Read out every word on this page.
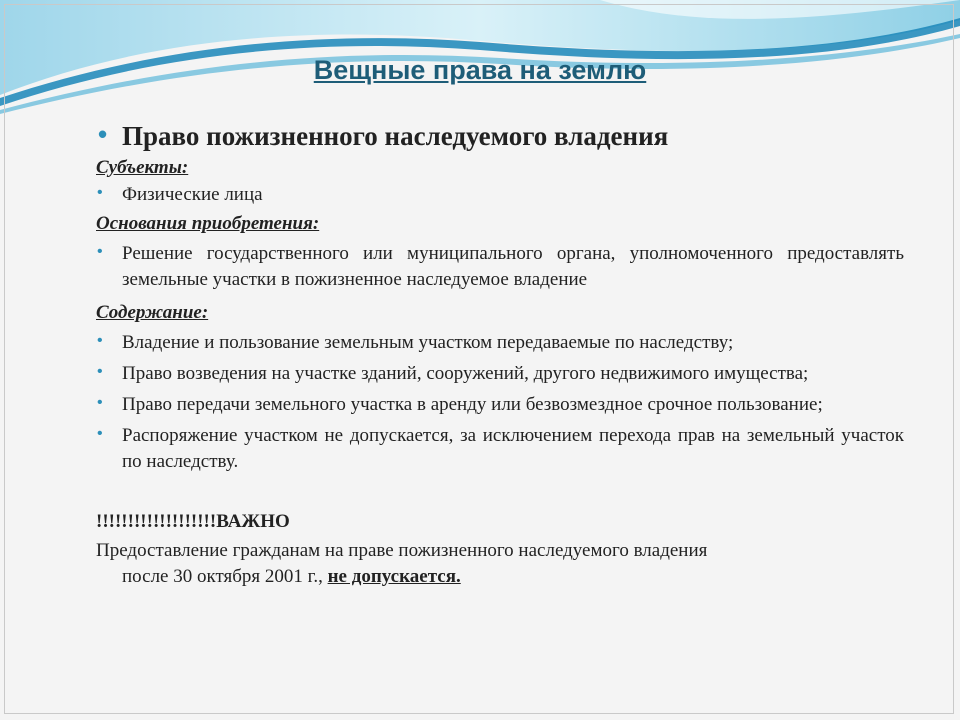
Вещные права на землю
• Право пожизненного наследуемого владения
Субъекты:
• Физические лица
Основания приобретения:
• Решение государственного или муниципального органа, уполномоченного предоставлять земельные участки в пожизненное наследуемое владение
Содержание:
• Владение и пользование земельным участком передаваемые по наследству;
• Право возведения на участке зданий, сооружений, другого недвижимого имущества;
• Право передачи земельного участка в аренду или безвозмездное срочное пользование;
• Распоряжение участком не допускается, за исключением перехода прав на земельный участок по наследству.
!!!!!!!!!!!!!!!!!!!ВАЖНО
Предоставление гражданам на праве пожизненного наследуемого владения
после 30 октября 2001 г., не допускается.
